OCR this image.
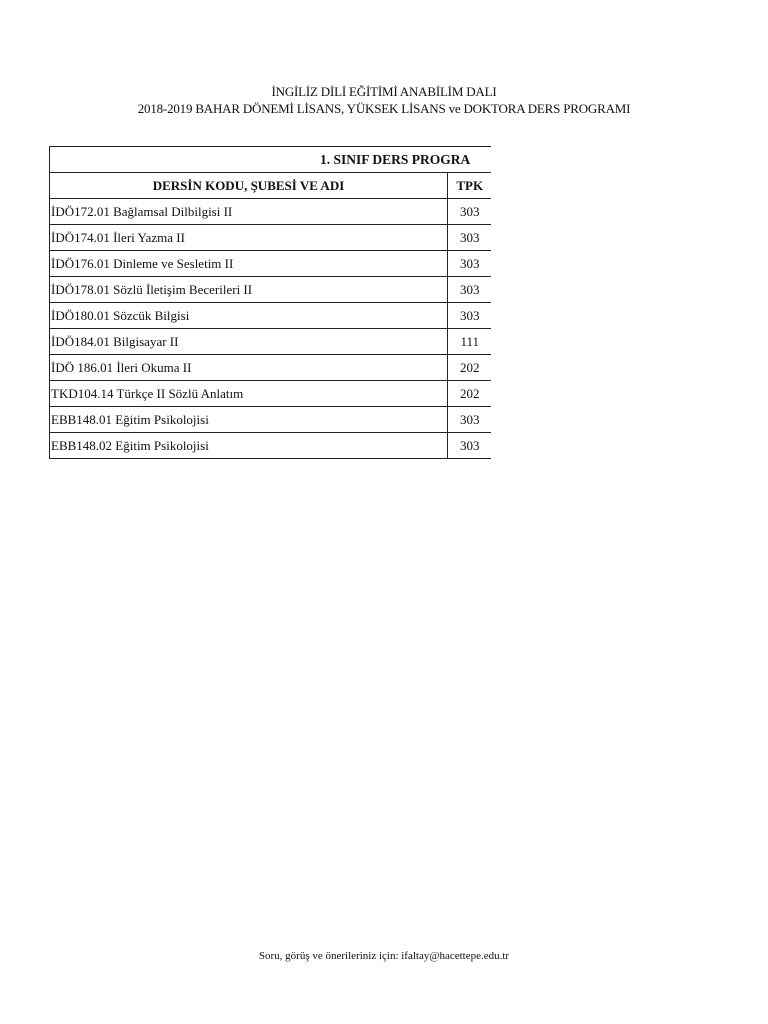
İNGİLİZ DİLİ EĞİTİMİ ANABİLİM DALI
2018-2019 BAHAR DÖNEMİ LİSANS, YÜKSEK LİSANS ve DOKTORA DERS PROGRAMI
1. SINIF DERS PROGRA	

DERSİN KODU, ŞUBESİ VE ADI	TPK
İDÖ172.01 Bağlamsal Dilbilgisi II	303
İDÖ174.01 İleri Yazma II	303
İDÖ176.01 Dinleme ve Sesletim II	303
İDÖ178.01 Sözlü İletişim Becerileri II	303
İDÖ180.01 Sözcük Bilgisi	303
İDÖ184.01 Bilgisayar II	111
İDÖ 186.01 İleri Okuma II	202
TKD104.14 Türkçe II Sözlü Anlatım	202
EBB148.01 Eğitim Psikolojisi	303
EBB148.02 Eğitim Psikolojisi	303
Soru, görüş ve önerileriniz için: ifaltay@hacettepe.edu.tr
